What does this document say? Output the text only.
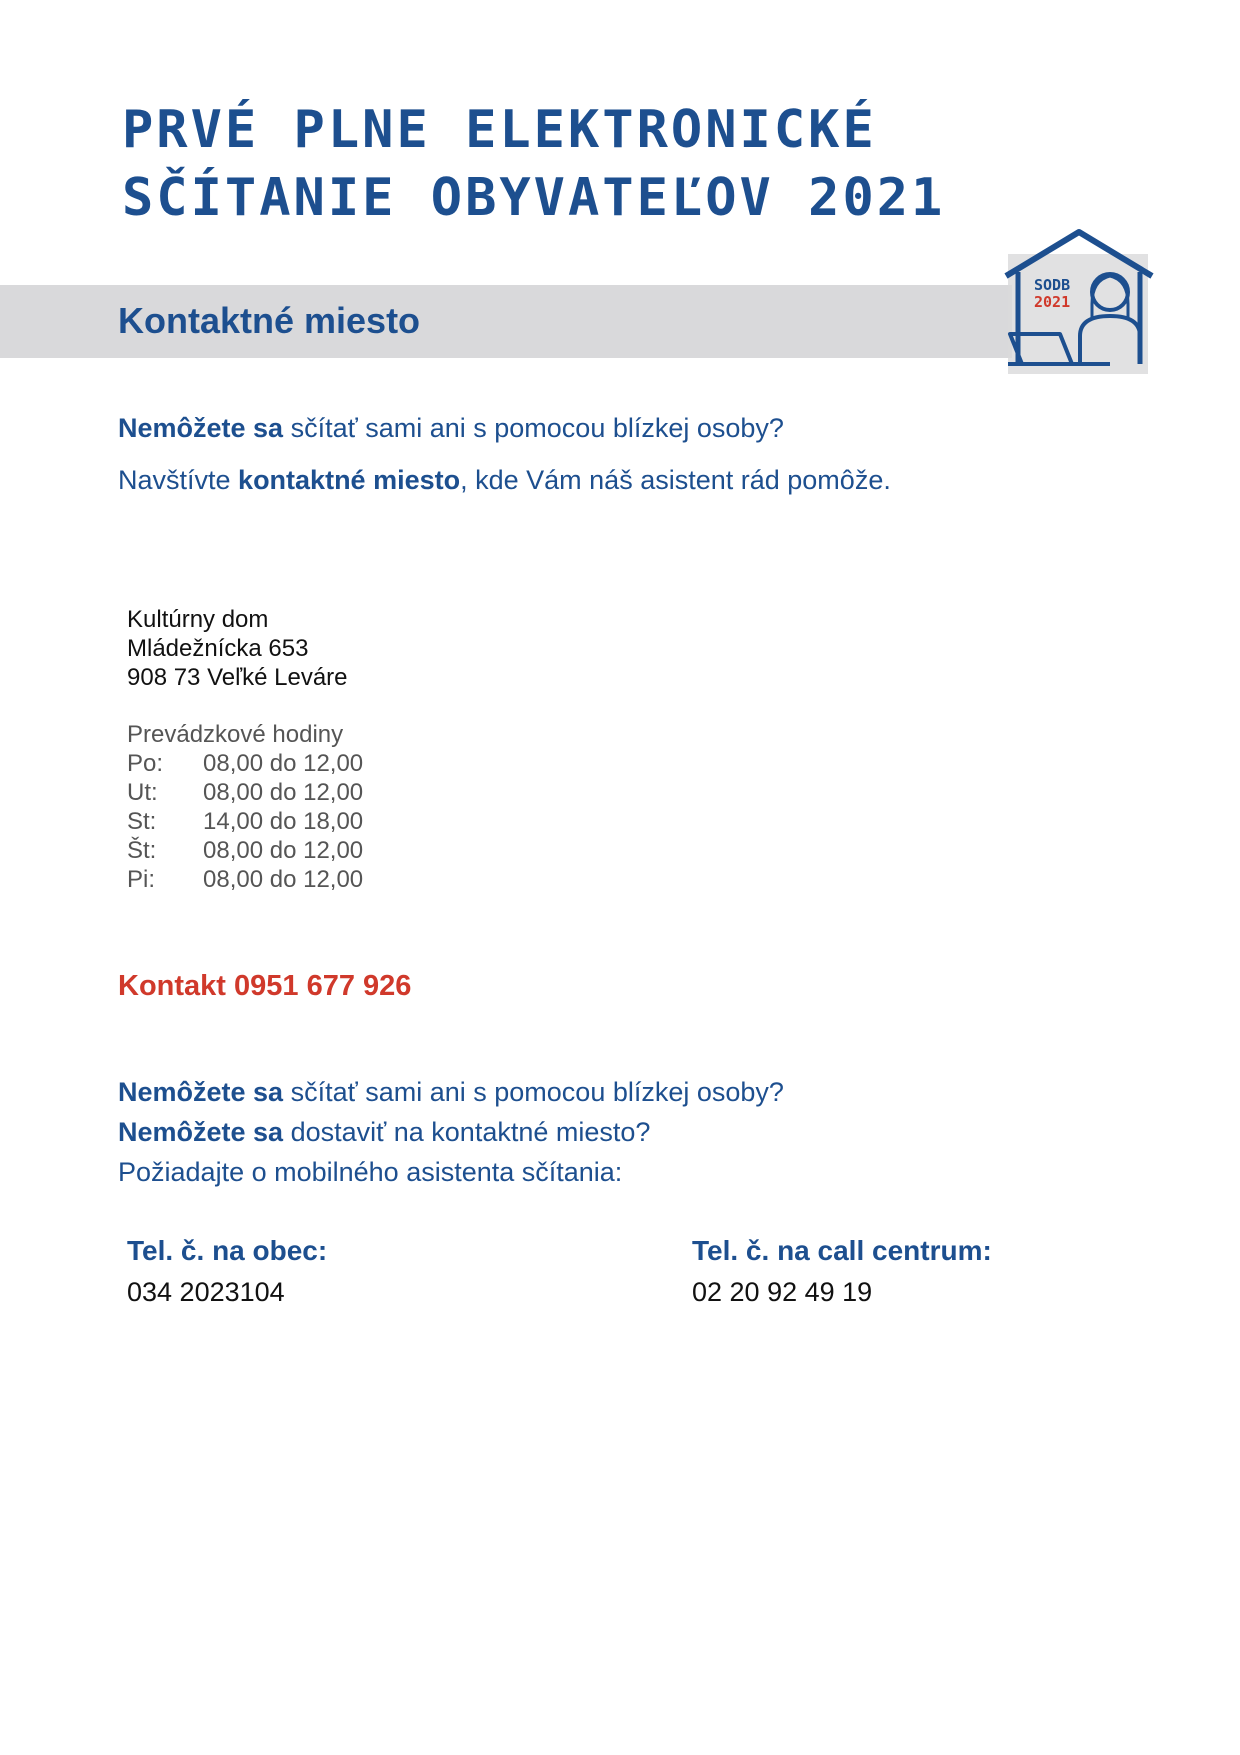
PRVÉ PLNE ELEKTRONICKÉ
SČÍTANIE OBYVATEĽOV 2021
Kontaktné miesto
SODB
2021

Nemôžete sa sčítať sami ani s pomocou blízkej osoby?

Navštívte kontaktné miesto, kde Vám náš asistent rád pomôže.

Kultúrny dom
Mládežnícka 653
908 73 Veľké Leváre
Prevádzkové hodiny
Po:	08,00 do 12,00
Ut:	08,00 do 12,00
St:	14,00 do 18,00
Št:	08,00 do 12,00
Pi:	08,00 do 12,00
Kontakt 0951 677 926
Nemôžete sa sčítať sami ani s pomocou blízkej osoby?
Nemôžete sa dostaviť na kontaktné miesto?
Požiadajte o mobilného asistenta sčítania:
Tel. č. na obec:
034 2023104
Tel. č. na call centrum:
02 20 92 49 19
